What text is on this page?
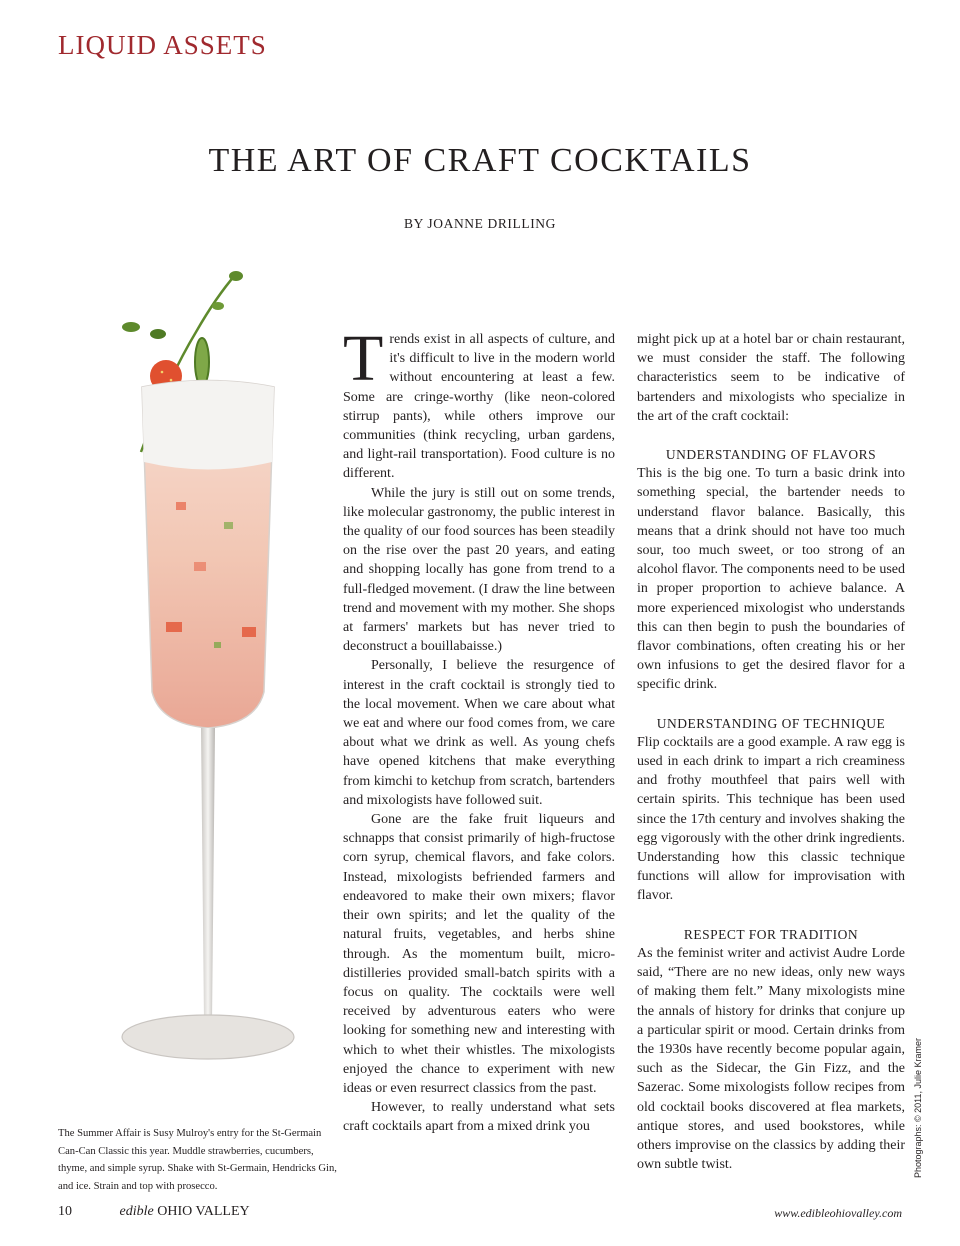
LIQUID ASSETS
THE ART OF CRAFT COCKTAILS
BY JOANNE DRILLING
The Summer Affair is Susy Mulroy's entry for the St-Germain Can-Can Classic this year. Muddle strawberries, cucumbers, thyme, and simple syrup. Shake with St-Germain, Hendricks Gin, and ice. Strain and top with prosecco.
T rends exist in all aspects of culture, and it's difficult to live in the modern world without encountering at least a few. Some are cringe-worthy (like neon-colored stirrup pants), while others improve our communities (think recycling, urban gardens, and light-rail transportation). Food culture is no different.

While the jury is still out on some trends, like molecular gastronomy, the public interest in the quality of our food sources has been steadily on the rise over the past 20 years, and eating and shopping locally has gone from trend to a full-fledged movement. (I draw the line between trend and movement with my mother. She shops at farmers' markets but has never tried to deconstruct a bouillabaisse.)

Personally, I believe the resurgence of interest in the craft cocktail is strongly tied to the local movement. When we care about what we eat and where our food comes from, we care about what we drink as well. As young chefs have opened kitchens that make everything from kimchi to ketchup from scratch, bartenders and mixologists have followed suit.

Gone are the fake fruit liqueurs and schnapps that consist primarily of high-fructose corn syrup, chemical flavors, and fake colors. Instead, mixologists befriended farmers and endeavored to make their own mixers; flavor their own spirits; and let the quality of the natural fruits, vegetables, and herbs shine through. As the momentum built, micro-distilleries provided small-batch spirits with a focus on quality. The cocktails were well received by adventurous eaters who were looking for something new and interesting with which to whet their whistles. The mixologists enjoyed the chance to experiment with new ideas or even resurrect classics from the past.

However, to really understand what sets craft cocktails apart from a mixed drink you

might pick up at a hotel bar or chain restaurant, we must consider the staff. The following characteristics seem to be indicative of bartenders and mixologists who specialize in the art of the craft cocktail:

UNDERSTANDING OF FLAVORS

This is the big one. To turn a basic drink into something special, the bartender needs to understand flavor balance. Basically, this means that a drink should not have too much sour, too much sweet, or too strong of an alcohol flavor. The components need to be used in proper proportion to achieve balance. A more experienced mixologist who understands this can then begin to push the boundaries of flavor combinations, often creating his or her own infusions to get the desired flavor for a specific drink.

UNDERSTANDING OF TECHNIQUE

Flip cocktails are a good example. A raw egg is used in each drink to impart a rich creaminess and frothy mouthfeel that pairs well with certain spirits. This technique has been used since the 17th century and involves shaking the egg vigorously with the other drink ingredients. Understanding how this classic technique functions will allow for improvisation with flavor.

RESPECT FOR TRADITION

As the feminist writer and activist Audre Lorde said, “There are no new ideas, only new ways of making them felt.” Many mixologists mine the annals of history for drinks that conjure up a particular spirit or mood. Certain drinks from the 1930s have recently become popular again, such as the Sidecar, the Gin Fizz, and the Sazerac. Some mixologists follow recipes from old cocktail books discovered at flea markets, antique stores, and used bookstores, while others improvise on the classics by adding their own subtle twist.	Photographs: © 2011, Julie Kramer
10	edible OHIO VALLEY	www.edibleohiovalley.com
